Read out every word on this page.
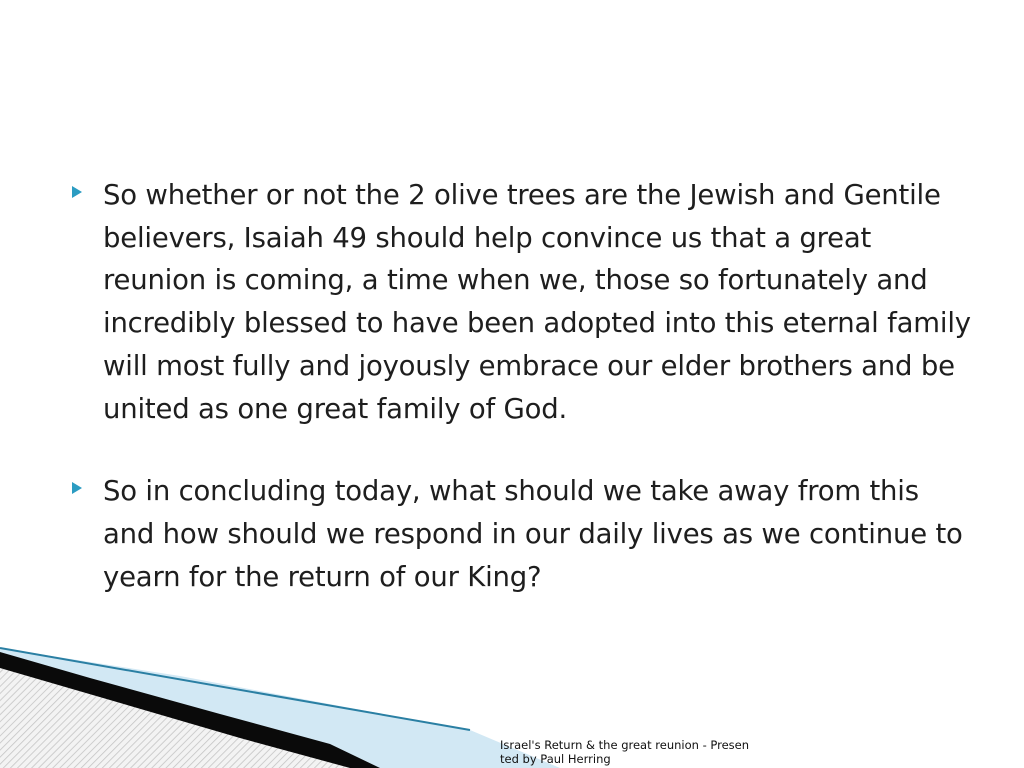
So whether or not the 2 olive trees are the Jewish and Gentile believers, Isaiah 49 should help convince us that a great reunion is coming, a time when we, those so fortunately and incredibly blessed to have been adopted into this eternal family will most fully and joyously embrace our elder brothers and be united as one great family of God.
So in concluding today, what should we take away from this and how should we respond in our daily lives as we continue to yearn for the return of our King?
Israel's Return & the great reunion - Presented by Paul Herring
